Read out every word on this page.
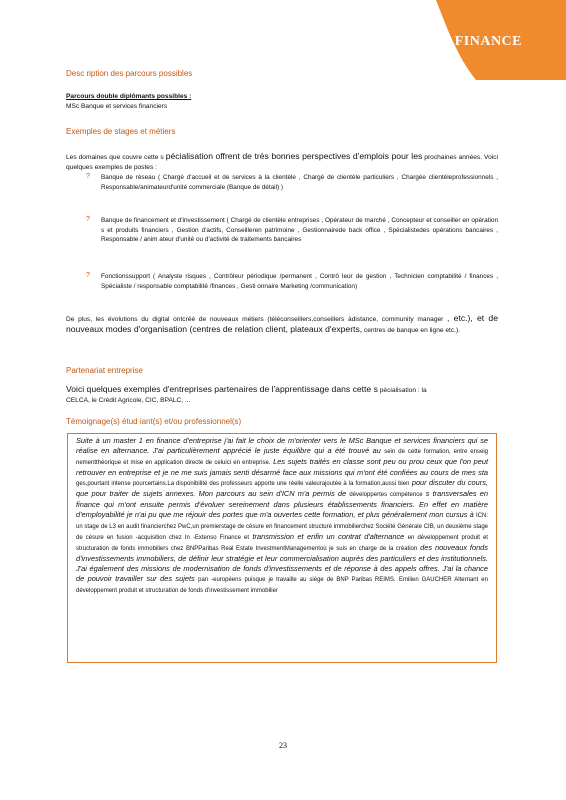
FINANCE
Desc ription des parcours possibles
Parcours double diplômants possibles :
MSc Banque et services financiers
Exemples de stages et métiers
Les domaines que couvre cette s pécialisation offrent de très bonnes perspectives d'emplois pour les prochaines années. Voici quelques exemples de postes :
? Banque de réseau ( Chargé d'accueil et de services à la clientèle , Chargé de clientèle particuliers , Chargée clientèleprofessionnels , Responsable/animateurd'unité commerciale (Banque de détail) )
? Banque de financement et d'investissement ( Chargé de clientèle entreprises , Opérateur de marché , Concepteur et conseiller en opération s et produits financiers , Gestion d'actifs, Conseilleren patrimoine , Gestionnairede back office , Spécialistedes opérations bancaires , Responsable / anim ateur d'unité ou d'activité de traitements bancaires
? Fonctionssupport ( Analyste risques , Contrôleur périodique /permanent , Contrô leur de gestion , Technicien comptabilité / finances , Spécialiste / responsable comptabilité /finances , Gesti onnaire Marketing /communication)
De plus, les évolutions du digital ontcréé de nouveaux métiers (téléconseillers,conseillers àdistance, community manager , etc.), et de nouveaux modes d'organisation (centres de relation client, plateaux d'experts, centres de banque en ligne etc.).
Partenariat entreprise
Voici quelques exemples d'entreprises partenaires de l'apprentissage dans cette s pécialisation : la
CELCA, le Crédit Agricole, CIC, BPALC, ...
Témoignage(s) étud iant(s) et/ou professionnel(s)
Suite à un master 1 en finance d'entreprise j'ai fait le choix de m'orienter vers le MSc Banque et services financiers qui se réalise en alternance. J'ai particulièrement apprécié le juste équilibre qui a été trouvé au sein de cette formation, entre enseig nementthéorique et mise en application directe de celuici en entreprise. Les sujets traités en classe sont peu ou prou ceux que l'on peut retrouver en entreprise et je ne me suis jamais senti désarmé face aux missions qui m'ont été confiées au cours de mes sta ges,pourtant intense pourcertains.La disponibilité des professeurs apporte une réelle valeurajoutée à la formation,aussi bien pour discuter du cours, que pour traiter de sujets annexes. Mon parcours au sein d'ICN m'a permis de développertes compétence s transversales en finance qui m'ont ensuite permis d'évoluer sereinement dans plusieurs établissements financiers. En effet en matière d'employabilité je n'ai pu que me réjouir des portes que m'a ouvertes cette formation, et plus généralement mon cursus à ICN: un stage de L3 en audit financierchez PwC,un premierstage de césure en financement structuré immobilierchez Société Générale CIB, un deuxième stage de césure en fusion -acquisition chez In -Extenso Finance et transmission et enfin un contrat d'alternance en développement produit et structuration de fonds immobiliers chez BNPParibas Real Estate InvestmentManagementoù je suis en charge de la création des nouveaux fonds d'investissements immobiliers, de définir leur stratégie et leur commercialisation auprès des particuliers et des institutionnels. J'ai également des missions de modernisation de fonds d'investissements et de réponse à des appels offres. J'ai la chance de pouvoir travailler sur des sujets pan -européens puisque je travaille au siège de BNP Paribas REIMS. Emilien GAUCHER Alternant en développement produit et structuration de fonds d'investissement immobilier
23
